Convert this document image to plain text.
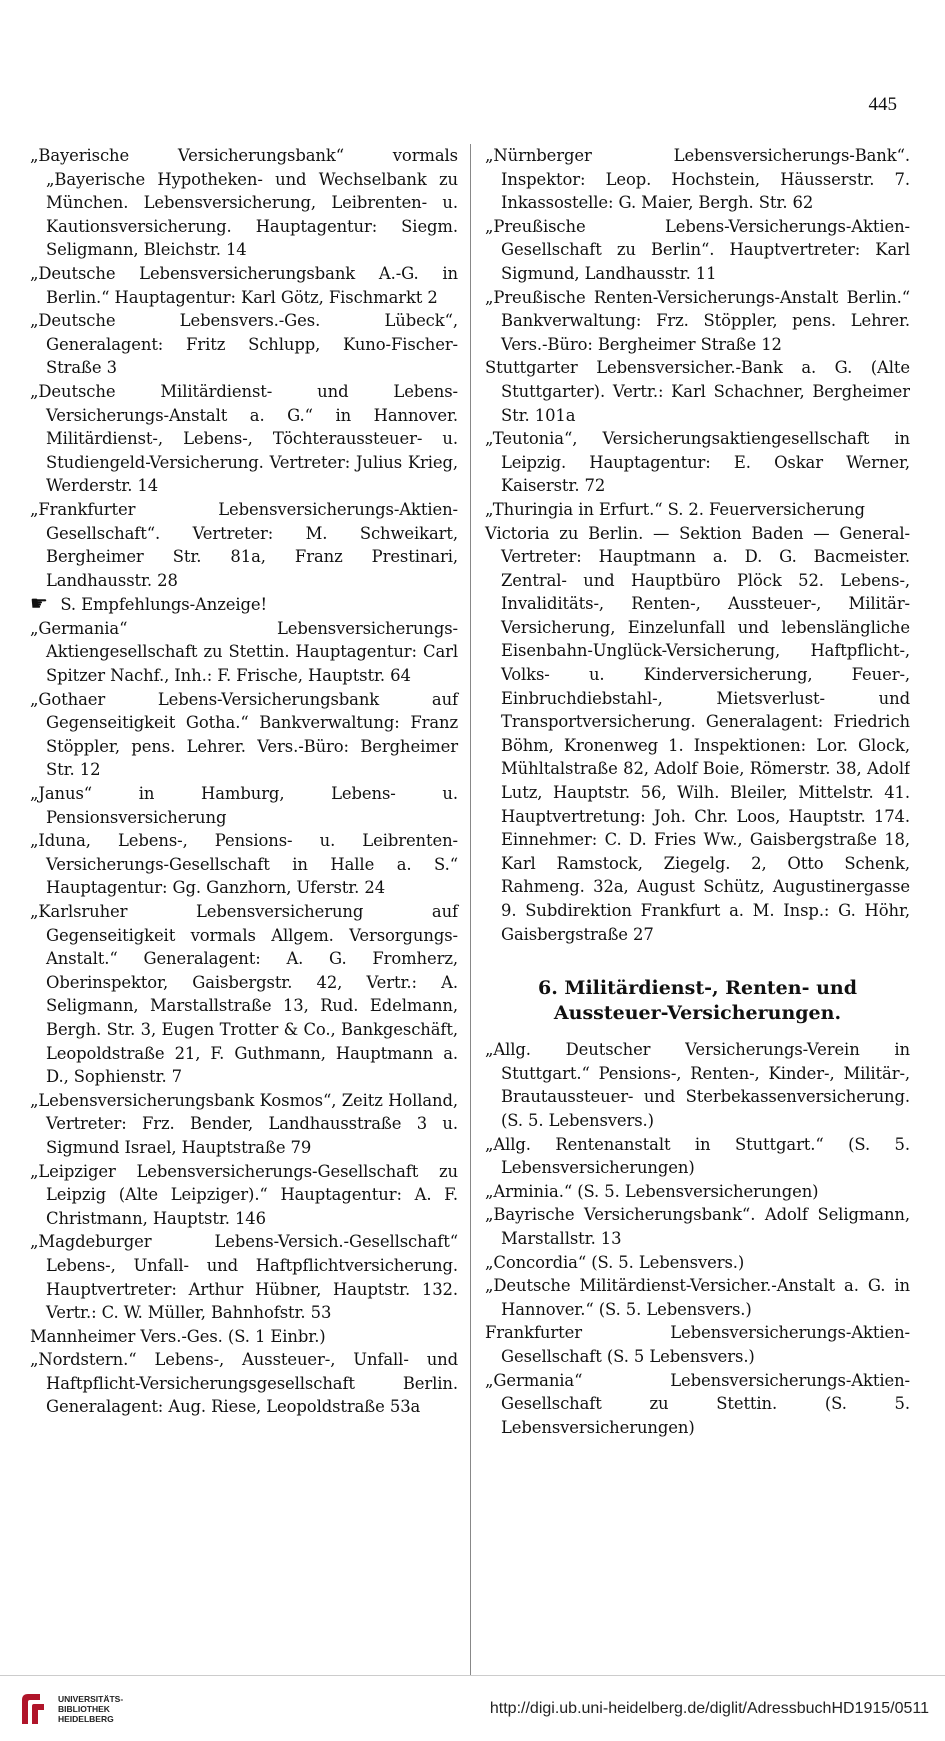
445

„Bayerische Versicherungsbank“ vormals „Bayerische Hypotheken- und Wechselbank zu München. Lebensversicherung, Leibrenten- u. Kautionsversicherung. Hauptagentur: Siegm. Seligmann, Bleichstr. 14

„Deutsche Lebensversicherungsbank A.-G. in Berlin.“ Hauptagentur: Karl Götz, Fischmarkt 2

„Deutsche Lebensvers.-Ges. Lübeck“, Generalagent: Fritz Schlupp, Kuno-Fischer-Straße 3

„Deutsche Militärdienst- und Lebens-Versicherungs-Anstalt a. G.“ in Hannover. Militärdienst-, Lebens-, Töchteraussteuer- u. Studiengeld-Versicherung. Vertreter: Julius Krieg, Werderstr. 14

„Frankfurter Lebensversicherungs-Aktien-Gesellschaft“. Vertreter: M. Schweikart, Bergheimer Str. 81a, Franz Prestinari, Landhausstr. 28

☛  S. Empfehlungs-Anzeige!

„Germania“ Lebensversicherungs-Aktiengesellschaft zu Stettin. Hauptagentur: Carl Spitzer Nachf., Inh.: F. Frische, Hauptstr. 64

„Gothaer Lebens-Versicherungsbank auf Gegenseitigkeit Gotha.“ Bankverwaltung: Franz Stöppler, pens. Lehrer. Vers.-Büro: Bergheimer Str. 12

„Janus“ in Hamburg, Lebens- u. Pensionsversicherung

„Iduna, Lebens-, Pensions- u. Leibrenten-Versicherungs-Gesellschaft in Halle a. S.“ Hauptagentur: Gg. Ganzhorn, Uferstr. 24

„Karlsruher Lebensversicherung auf Gegenseitigkeit vormals Allgem. Versorgungs-Anstalt.“ Generalagent: A. G. Fromherz, Oberinspektor, Gaisbergstr. 42, Vertr.: A. Seligmann, Marstallstraße 13, Rud. Edelmann, Bergh. Str. 3, Eugen Trotter & Co., Bankgeschäft, Leopoldstraße 21, F. Guthmann, Hauptmann a. D., Sophienstr. 7

„Lebensversicherungsbank Kosmos“, Zeitz Holland, Vertreter: Frz. Bender, Landhausstraße 3 u. Sigmund Israel, Hauptstraße 79

„Leipziger Lebensversicherungs-Gesellschaft zu Leipzig (Alte Leipziger).“ Hauptagentur: A. F. Christmann, Hauptstr. 146

„Magdeburger Lebens-Versich.-Gesellschaft“ Lebens-, Unfall- und Haftpflichtversicherung. Hauptvertreter: Arthur Hübner, Hauptstr. 132. Vertr.: C. W. Müller, Bahnhofstr. 53

Mannheimer Vers.-Ges. (S. 1 Einbr.)

„Nordstern.“ Lebens-, Aussteuer-, Unfall- und Haftpflicht-Versicherungsgesellschaft Berlin. Generalagent: Aug. Riese, Leopoldstraße 53a

„Nürnberger Lebensversicherungs-Bank“. Inspektor: Leop. Hochstein, Häusserstr. 7. Inkassostelle: G. Maier, Bergh. Str. 62

„Preußische Lebens-Versicherungs-Aktien-Gesellschaft zu Berlin“. Hauptvertreter: Karl Sigmund, Landhausstr. 11

„Preußische Renten-Versicherungs-Anstalt Berlin.“ Bankverwaltung: Frz. Stöppler, pens. Lehrer. Vers.-Büro: Bergheimer Straße 12

Stuttgarter Lebensversicher.-Bank a. G. (Alte Stuttgarter). Vertr.: Karl Schachner, Bergheimer Str. 101a

„Teutonia“, Versicherungsaktiengesellschaft in Leipzig. Hauptagentur: E. Oskar Werner, Kaiserstr. 72

„Thuringia in Erfurt.“ S. 2. Feuerversicherung

Victoria zu Berlin. — Sektion Baden — General-Vertreter: Hauptmann a. D. G. Bacmeister. Zentral- und Hauptbüro Plöck 52. Lebens-, Invaliditäts-, Renten-, Aussteuer-, Militär-Versicherung, Einzelunfall und lebenslängliche Eisenbahn-Unglück-Versicherung, Haftpflicht-, Volks- u. Kinderversicherung, Feuer-, Einbruchdiebstahl-, Mietsverlust- und Transportversicherung. Generalagent: Friedrich Böhm, Kronenweg 1. Inspektionen: Lor. Glock, Mühltalstraße 82, Adolf Boie, Römerstr. 38, Adolf Lutz, Hauptstr. 56, Wilh. Bleiler, Mittelstr. 41. Hauptvertretung: Joh. Chr. Loos, Hauptstr. 174. Einnehmer: C. D. Fries Ww., Gaisbergstraße 18, Karl Ramstock, Ziegelg. 2, Otto Schenk, Rahmeng. 32a, August Schütz, Augustinergasse 9. Subdirektion Frankfurt a. M. Insp.: G. Höhr, Gaisbergstraße 27

6. Militärdienst-, Renten- und Aussteuer-Versicherungen.

„Allg. Deutscher Versicherungs-Verein in Stuttgart.“ Pensions-, Renten-, Kinder-, Militär-, Brautaussteuer- und Sterbekassenversicherung. (S. 5. Lebensvers.)

„Allg. Rentenanstalt in Stuttgart.“ (S. 5. Lebensversicherungen)

„Arminia.“ (S. 5. Lebensversicherungen)

„Bayrische Versicherungsbank“. Adolf Seligmann, Marstallstr. 13

„Concordia“ (S. 5. Lebensvers.)

„Deutsche Militärdienst-Versicher.-Anstalt a. G. in Hannover.“ (S. 5. Lebensvers.)

Frankfurter Lebensversicherungs-Aktien-Gesellschaft (S. 5 Lebensvers.)

„Germania“ Lebensversicherungs-Aktien-Gesellschaft zu Stettin. (S. 5. Lebensversicherungen)

UNIVERSITÄTS-
BIBLIOTHEK
HEIDELBERG
http://digi.ub.uni-heidelberg.de/diglit/AdressbuchHD1915/0511
